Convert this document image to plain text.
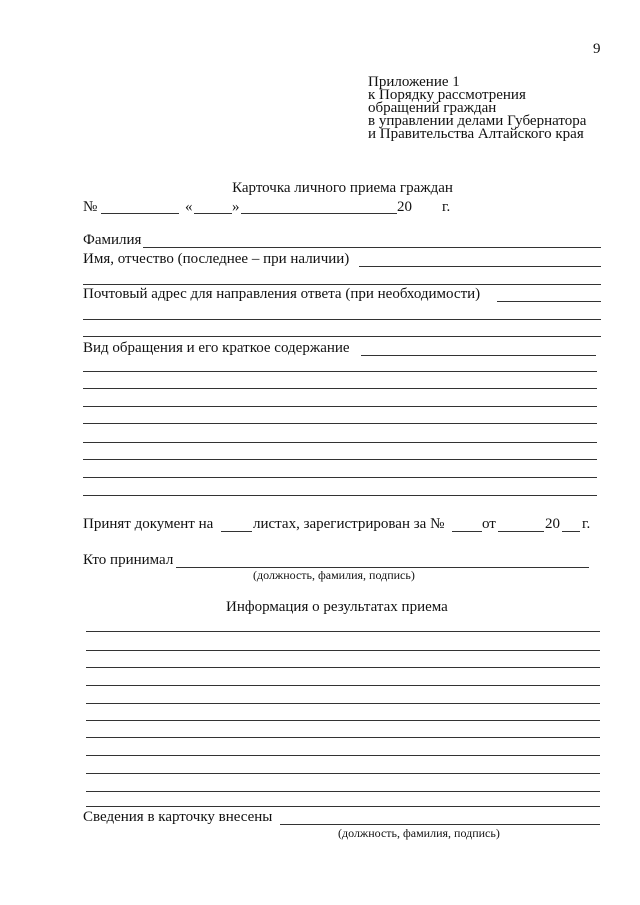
9
Приложение 1
к Порядку рассмотрения
обращений граждан
в управлении делами Губернатора
и Правительства Алтайского края
Карточка личного приема граждан
№	«	»	20 г.
Фамилия
Имя, отчество (последнее – при наличии)
Почтовый адрес для направления ответа (при необходимости)
Вид обращения и его краткое содержание
Принят документ на	листах, зарегистрирован за №	от	20 г.
Кто принимал
(должность, фамилия, подпись)
Информация о результатах приема
Сведения в карточку внесены
(должность, фамилия, подпись)
